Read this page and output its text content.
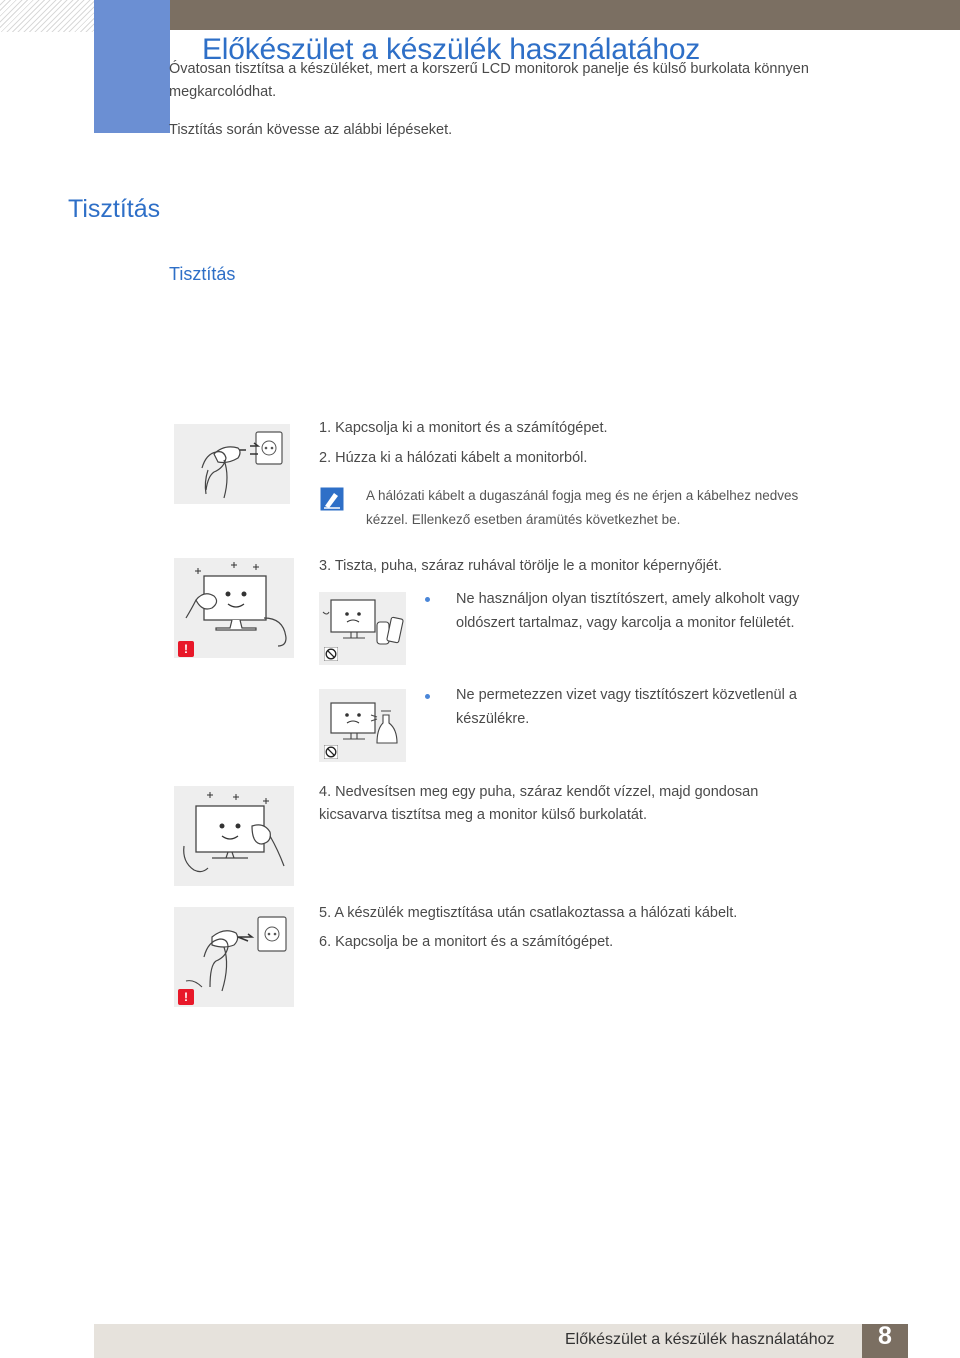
Előkészület a készülék használatához
Tisztítás
Tisztítás
Óvatosan tisztítsa a készüléket, mert a korszerű LCD monitorok panelje és külső burkolata könnyen
megkarcolódhat.
Tisztítás során kövesse az alábbi lépéseket.
1. Kapcsolja ki a monitort és a számítógépet.
2. Húzza ki a hálózati kábelt a monitorból.
A hálózati kábelt a dugaszánál fogja meg és ne érjen a kábelhez nedves
kézzel. Ellenkező esetben áramütés következhet be.
!
3. Tiszta, puha, száraz ruhával törölje le a monitor képernyőjét.
Ne használjon olyan tisztítószert, amely alkoholt vagy
oldószert tartalmaz, vagy karcolja a monitor felületét.
Ne permetezzen vizet vagy tisztítószert közvetlenül a
készülékre.
4. Nedvesítsen meg egy puha, száraz kendőt vízzel, majd gondosan
kicsavarva tisztítsa meg a monitor külső burkolatát.
!
5. A készülék megtisztítása után csatlakoztassa a hálózati kábelt.
6. Kapcsolja be a monitort és a számítógépet.
Előkészület a készülék használatához	8
